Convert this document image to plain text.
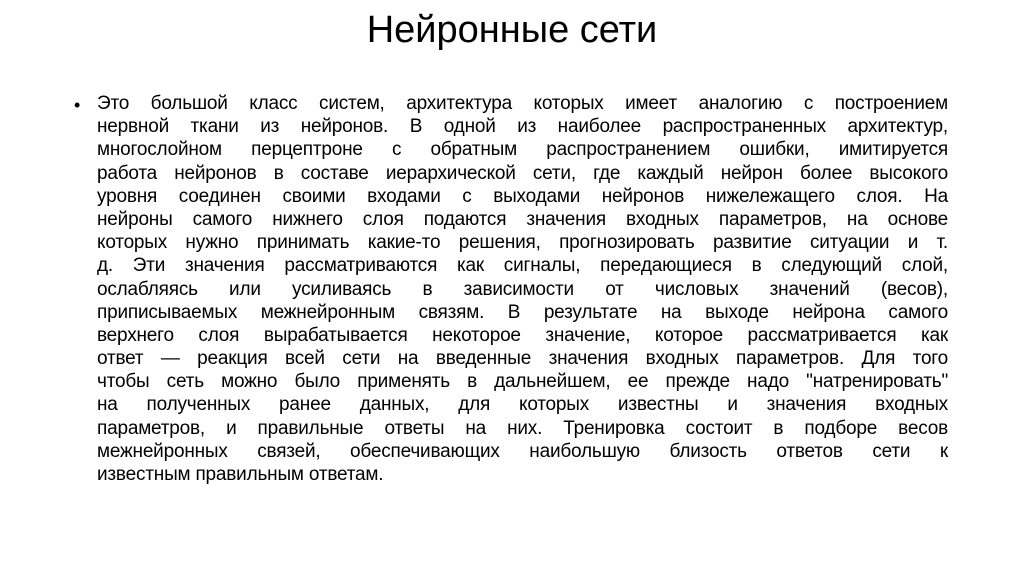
Нейронные сети
• Это большой класс систем, архитектура которых имеет аналогию с построением
нервной ткани из нейронов. В одной из наиболее распространенных архитектур,
многослойном перцептроне с обратным распространением ошибки, имитируется
работа нейронов в составе иерархической сети, где каждый нейрон более высокого
уровня соединен своими входами с выходами нейронов нижележащего слоя. На
нейроны самого нижнего слоя подаются значения входных параметров, на основе
которых нужно принимать какие-то решения, прогнозировать развитие ситуации и т.
д. Эти значения рассматриваются как сигналы, передающиеся в следующий слой,
ослабляясь или усиливаясь в зависимости от числовых значений (весов),
приписываемых межнейронным связям. В результате на выходе нейрона самого
верхнего слоя вырабатывается некоторое значение, которое рассматривается как
ответ — реакция всей сети на введенные значения входных параметров. Для того
чтобы сеть можно было применять в дальнейшем, ее прежде надо "натренировать"
на полученных ранее данных, для которых известны и значения входных
параметров, и правильные ответы на них. Тренировка состоит в подборе весов
межнейронных связей, обеспечивающих наибольшую близость ответов сети к
известным правильным ответам.
